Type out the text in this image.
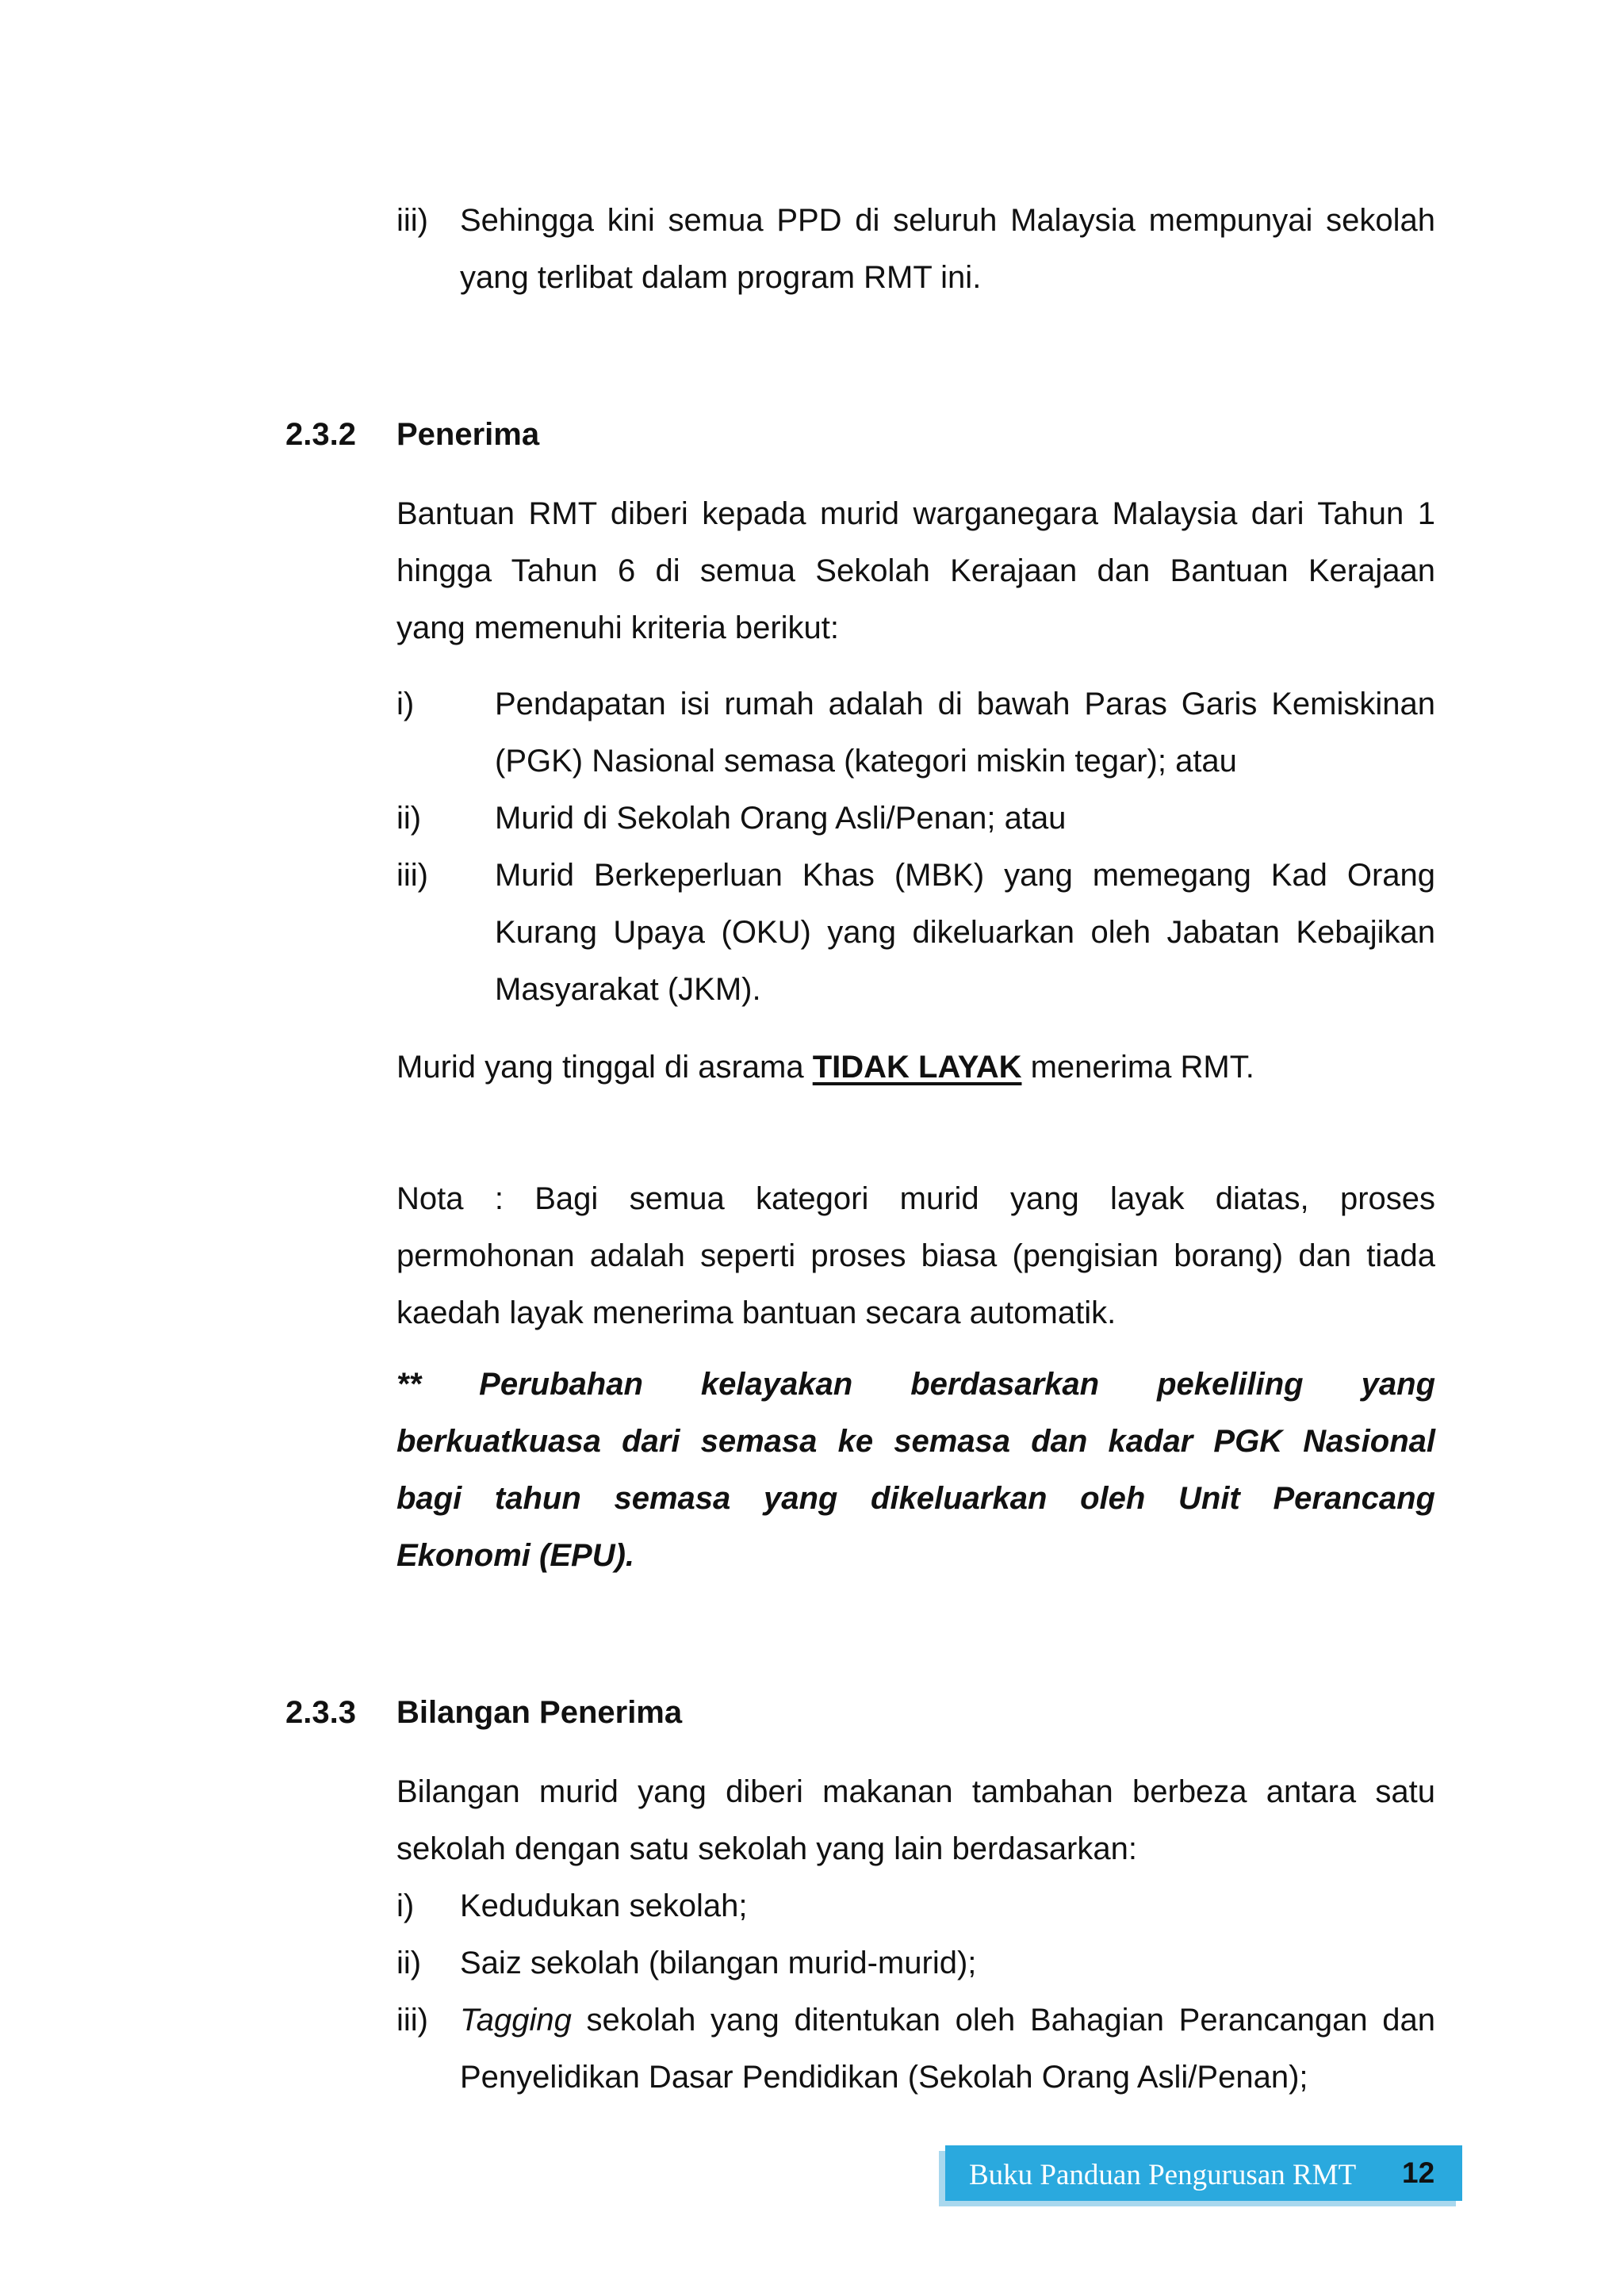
iii) Sehingga kini semua PPD di seluruh Malaysia mempunyai sekolah
yang terlibat dalam program RMT ini.
2.3.2 Penerima
Bantuan RMT diberi kepada murid warganegara Malaysia dari Tahun 1
hingga Tahun 6 di semua Sekolah Kerajaan dan Bantuan Kerajaan
yang memenuhi kriteria berikut:
i)	Pendapatan isi rumah adalah di bawah Paras Garis Kemiskinan
(PGK) Nasional semasa (kategori miskin tegar); atau
ii) Murid di Sekolah Orang Asli/Penan; atau
iii) Murid Berkeperluan Khas (MBK) yang memegang Kad Orang
Kurang Upaya (OKU) yang dikeluarkan oleh Jabatan Kebajikan
Masyarakat (JKM).
Murid yang tinggal di asrama TIDAK LAYAK menerima RMT.
Nota : Bagi semua kategori murid yang layak diatas, proses
permohonan adalah seperti proses biasa (pengisian borang) dan tiada
kaedah layak menerima bantuan secara automatik.
** Perubahan kelayakan berdasarkan pekeliling yang
berkuatkuasa dari semasa ke semasa dan kadar PGK Nasional
bagi tahun semasa yang dikeluarkan oleh Unit Perancang
Ekonomi (EPU).
2.3.3 Bilangan Penerima
Bilangan murid yang diberi makanan tambahan berbeza antara satu
sekolah dengan satu sekolah yang lain berdasarkan:
i) Kedudukan sekolah;
ii) Saiz sekolah (bilangan murid-murid);
iii) Tagging sekolah yang ditentukan oleh Bahagian Perancangan dan
Penyelidikan Dasar Pendidikan (Sekolah Orang Asli/Penan);
Buku Panduan Pengurusan RMT 12
